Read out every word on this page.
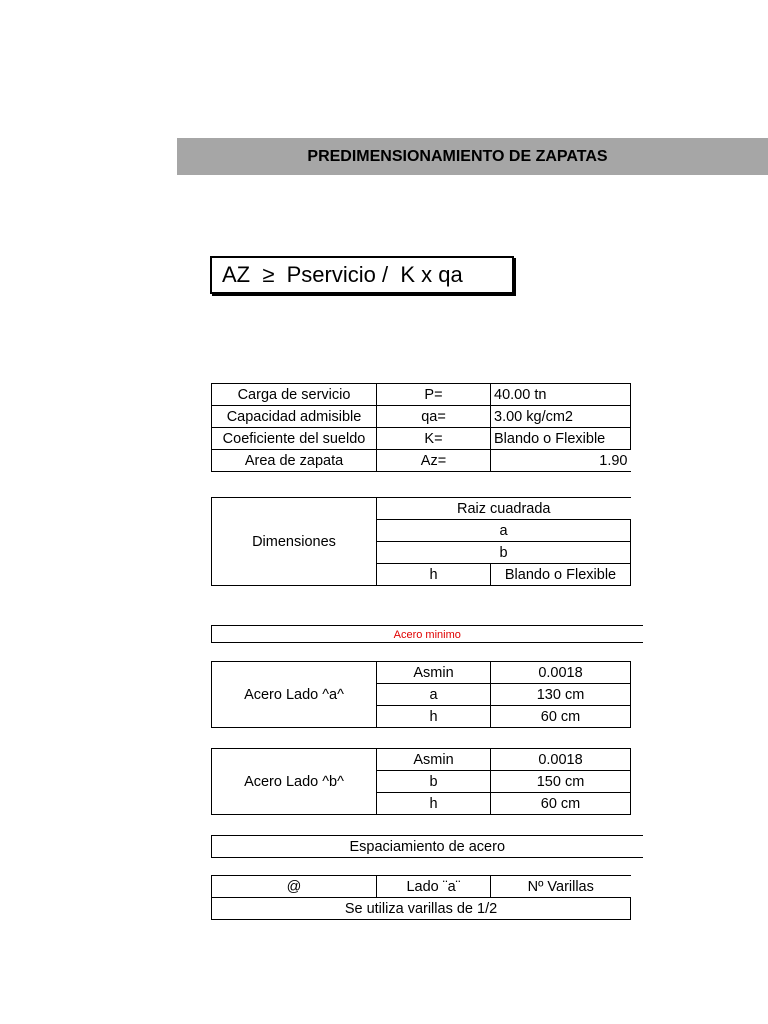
PREDIMENSIONAMIENTO DE ZAPATAS
AZ  ≥  Pservicio /  K x qa
Carga de servicio	P=	40.00 tn
Capacidad admisible	qa=	3.00 kg/cm2
Coeficiente del sueldo	K=	Blando o Flexible
Area de zapata	Az=	1.90
Dimensiones	Raiz cuadrada	
	a	
	b	
	h	Blando o Flexible
Acero minimo
Acero Lado ^a^	Asmin	0.0018
	a	130 cm
	h	60 cm
Acero Lado ^b^	Asmin	0.0018
	b	150 cm
	h	60 cm
Espaciamiento de acero
@	Lado ¨a¨	Nº Varillas
Se utiliza varillas de 1/2
